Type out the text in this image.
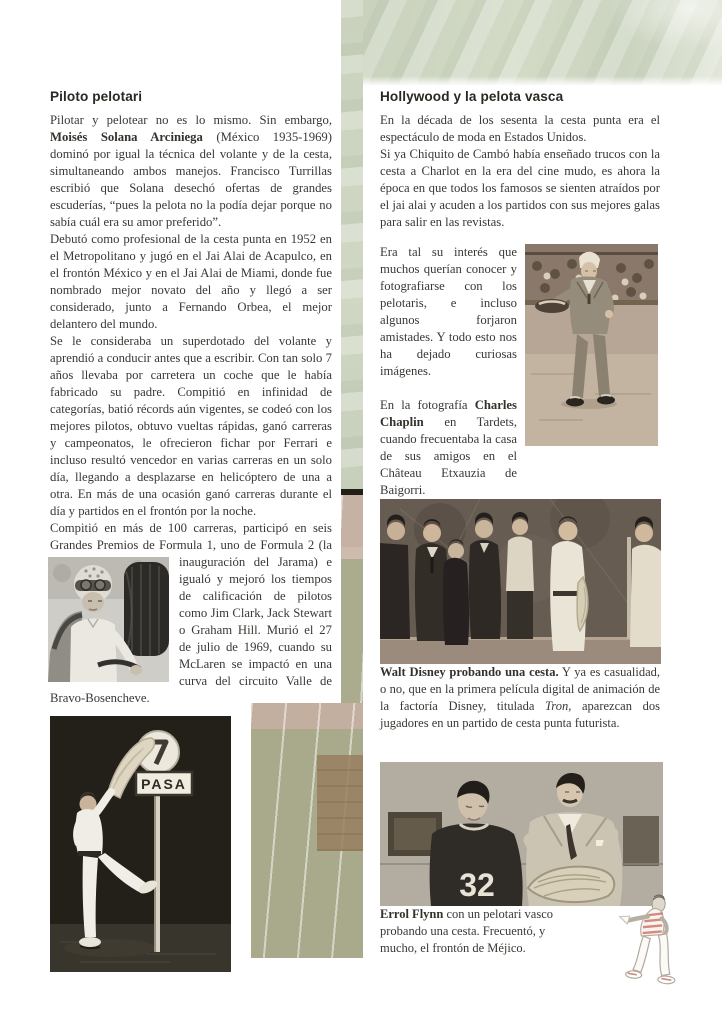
Piloto pelotari

Pilotar y pelotear no es lo mismo. Sin embargo, Moisés Solana Arciniega (México 1935-1969) dominó por igual la técnica del volante y de la cesta, simultaneando ambos manejos. Francisco Turrillas escribió que Solana desechó ofertas de grandes escuderías, “pues la pelota no la podía dejar porque no sabía cuál era su amor preferido”.

Debutó como profesional de la cesta punta en 1952 en el Metropolitano y jugó en el Jai Alai de Acapulco, en el frontón México y en el Jai Alai de Miami, donde fue nombrado mejor novato del año y llegó a ser considerado, junto a Fernando Orbea, el mejor delantero del mundo.

Se le consideraba un superdotado del volante y aprendió a conducir antes que a escribir. Con tan solo 7 años llevaba por carretera un coche que le había fabricado su padre. Compitió en infinidad de categorías, batió récords aún vigentes, se codeó con los mejores pilotos, obtuvo vueltas rápidas, ganó carreras y campeonatos, le ofrecieron fichar por Ferrari e incluso resultó vencedor en varias carreras en un solo día, llegando a desplazarse en helicóptero de una a otra. En más de una ocasión ganó carreras durante el día y partidos en el frontón por la noche.

Compitió en más de 100 carreras, participó en seis Grandes Premios de Formula 1, uno de Formula 2
(la inauguración del Jarama) e igualó y mejoró los tiempos de calificación de pilotos como Jim Clark, Jack Stewart o Graham Hill. Murió el 27 de julio de 1969, cuando su McLaren se impactó en una curva del circuito Valle de Bravo-Bosencheve.

PASA
Hollywood y la pelota vasca

En la década de los sesenta la cesta punta era el espectáculo de moda en Estados Unidos.

Si ya Chiquito de Cambó había enseñado trucos con la cesta a Charlot en la era del cine mudo, es ahora la época en que todos los famosos se sienten atraídos por el jai alai y acuden a los partidos con sus mejores galas para salir en las revistas.

Era tal su interés que muchos querían conocer y fotografiarse con los pelotaris, e incluso algunos forjaron amistades. Y todo esto nos ha dejado curiosas imágenes.

En la fotografía Charles Chaplin en Tardets, cuando frecuentaba la casa de sus amigos en el Château Etxauzia de Baigorri.

Walt Disney probando una cesta. Y ya es casualidad, o no, que en la primera película digital de animación de la factoría Disney, titulada Tron, aparezcan dos jugadores en un partido de cesta punta futurista.

32

Errol Flynn con un pelotari vasco probando una cesta. Frecuentó, y mucho, el frontón de Méjico.
